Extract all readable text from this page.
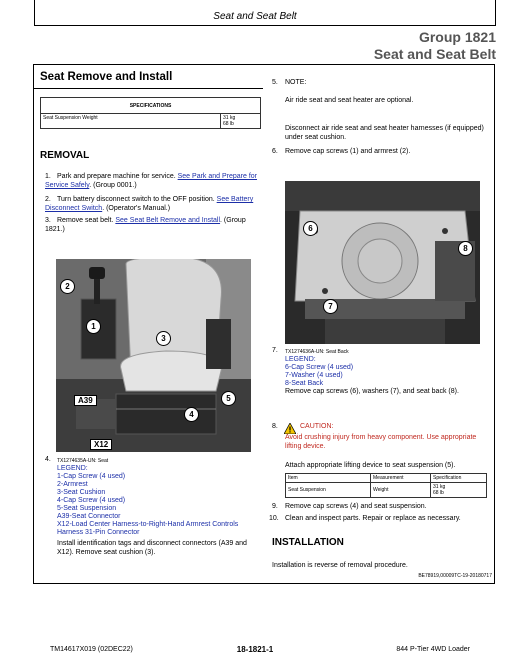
Seat and Seat Belt
Group 1821
Seat and Seat Belt
Seat Remove and Install
SPECIFICATIONS
Seat Suspension Weight	31 kg
68 lb
REMOVAL
1. Park and prepare machine for service. See Park and Prepare for Service Safely. (Group 0001.)
2. Turn battery disconnect switch to the OFF position. See Battery Disconnect Switch. (Operator's Manual.)
3. Remove seat belt. See Seat Belt Remove and Install. (Group 1821.)
1
2
3
4
5
A39
X12
4. TX1274635A-UN: Seat
LEGEND:
1-Cap Screw (4 used)
2-Armrest
3-Seat Cushion
4-Cap Screw (4 used)
5-Seat Suspension
A39-Seat Connector
X12-Load Center Harness-to-Right-Hand Armrest Controls Harness 31-Pin Connector
Install identification tags and disconnect connectors (A39 and X12). Remove seat cushion (3).
5. NOTE:
Air ride seat and seat heater are optional.
Disconnect air ride seat and seat heater harnesses (if equipped) under seat cushion.
6. Remove cap screws (1) and armrest (2).
6
7
8
7. TX1274636A-UN: Seat Back
LEGEND:
6-Cap Screw (4 used)
7-Washer (4 used)
8-Seat Back
Remove cap screws (6), washers (7), and seat back (8).
8.	CAUTION:
Avoid crushing injury from heavy component. Use appropriate lifting device.
Attach appropriate lifting device to seat suspension (5).
Item	Measurement	Specification
Seat Suspension	Weight	31 kg
68 lb
9. Remove cap screws (4) and seat suspension.
10. Clean and inspect parts. Repair or replace as necessary.
INSTALLATION
Installation is reverse of removal procedure.
BE78919,00009TC-19-20180717
TM14617X019 (02DEC22)	18-1821-1	844 P-Tier 4WD Loader
